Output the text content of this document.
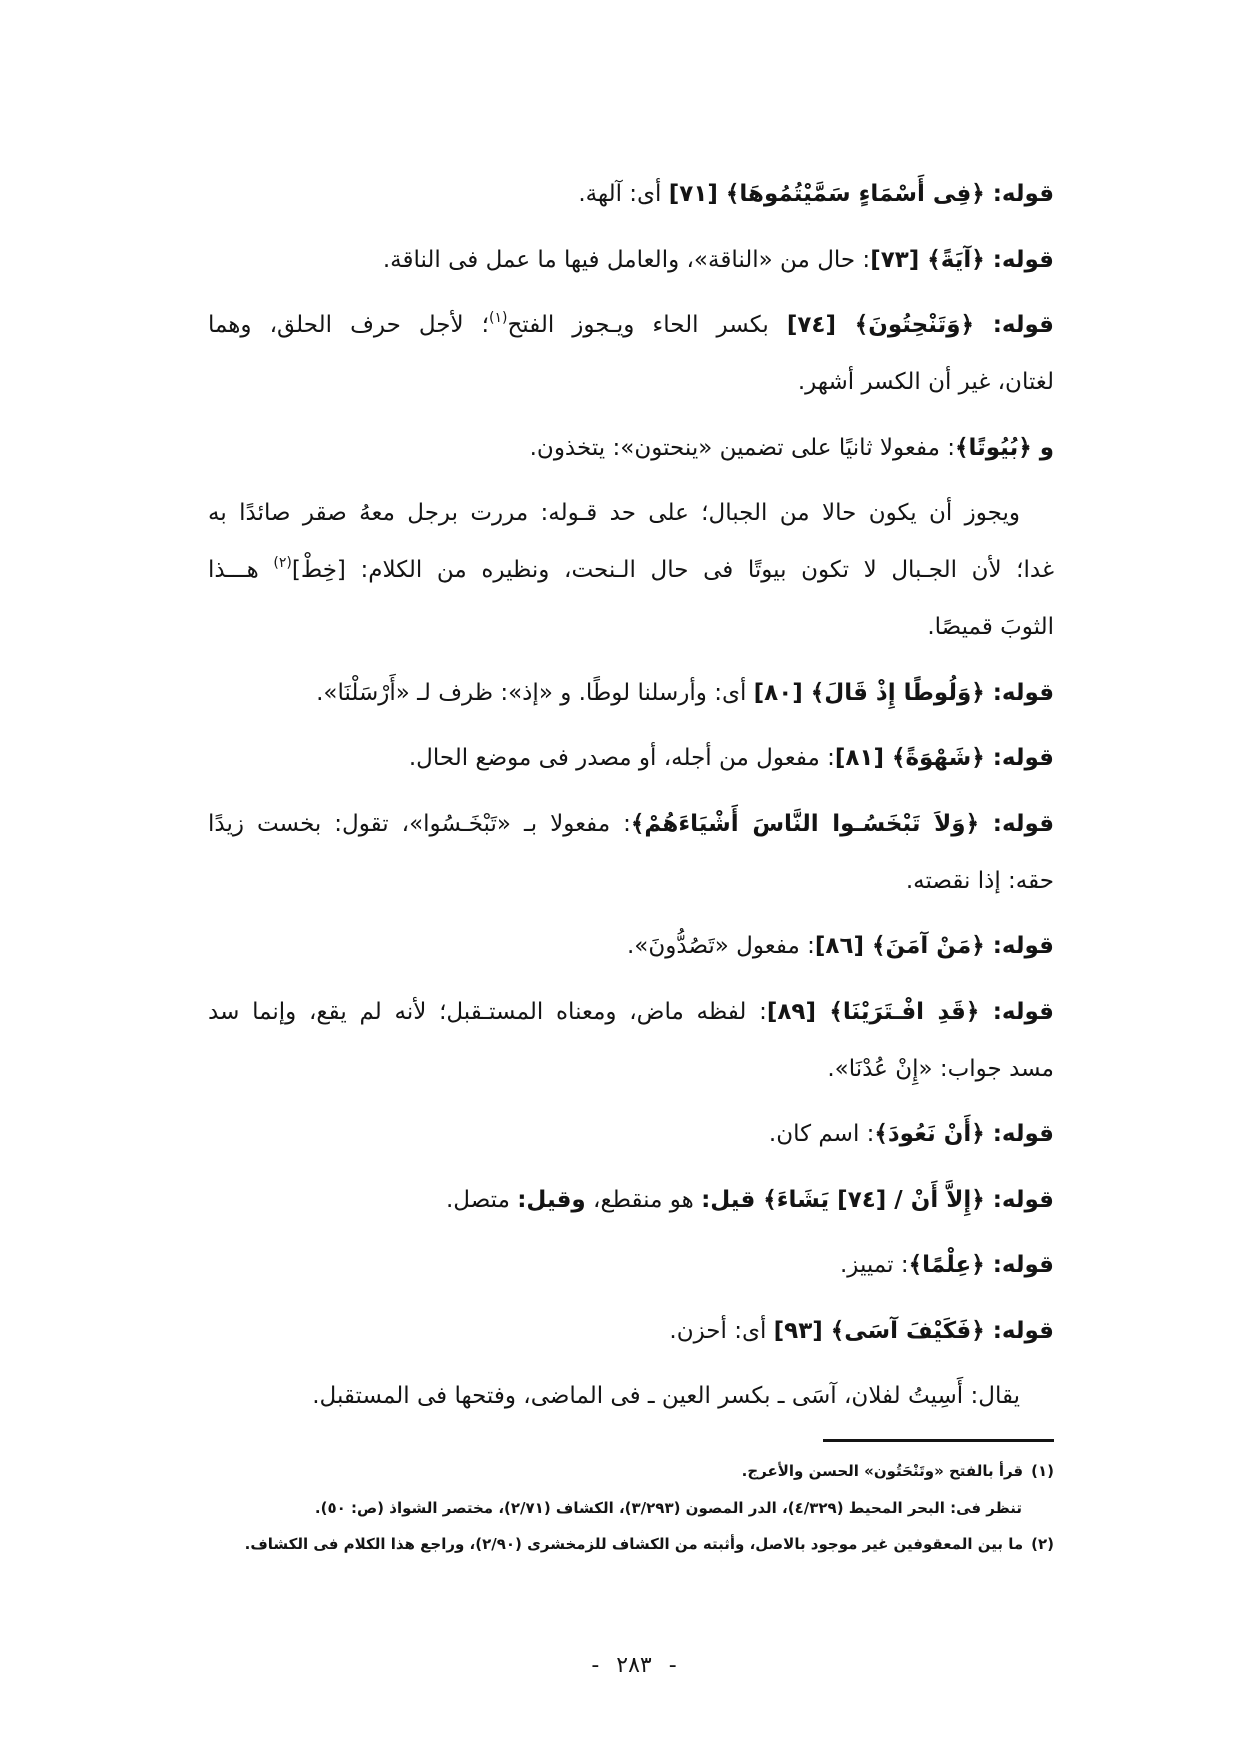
قوله: ﴿فِى أَسْمَاءٍ سَمَّيْتُمُوهَا﴾ [٧١] أى: آلهة.
قوله: ﴿آيَةً﴾ [٧٣]: حال من «الناقة»، والعامل فيها ما عمل فى الناقة.
قوله: ﴿وَتَنْحِتُونَ﴾ [٧٤] بكسر الحاء ويـجوز الفتح$^{(١)}$؛ لأجل حرف الحلق، وهما
لغتان، غير أن الكسر أشهر.
و ﴿بُيُوتًا﴾: مفعولا ثانيًا على تضمين «ينحتون»: يتخذون.
ويجوز أن يكون حالا من الجبال؛ على حد قـوله: مررت برجل معهُ صقر صائدًا به
غدا؛ لأن الجـبال لا تكون بيوتًا فى حال الـنحت، ونظيره من الكلام: [خِطْ]$^{(٢)}$ هـــذا
الثوبَ قميصًا.
قوله: ﴿وَلُوطًا إِذْ قَالَ﴾ [٨٠] أى: وأرسلنا لوطًا. و «إذ»: ظرف لـ «أَرْسَلْنَا».
قوله: ﴿شَهْوَةً﴾ [٨١]: مفعول من أجله، أو مصدر فى موضع الحال.
قوله: ﴿وَلاَ تَبْخَسُـوا النَّاسَ أَشْيَاءَهُمْ﴾: مفعولا بـ «تَبْخَـسُوا»، تقول: بخست زيدًا
حقه: إذا نقصته.
قوله: ﴿مَنْ آمَنَ﴾ [٨٦]: مفعول «تَصُدُّونَ».
قوله: ﴿قَدِ افْـتَرَيْنَا﴾ [٨٩]: لفظه ماض، ومعناه المستـقبل؛ لأنه لم يقع، وإنما سد
مسد جواب: «إِنْ عُدْنَا».
قوله: ﴿أَنْ نَعُودَ﴾: اسم كان.
قوله: ﴿إِلاَّ أَنْ / [٧٤] يَشَاءَ﴾ قيل: هو منقطع، وقيل: متصل.
قوله: ﴿عِلْمًا﴾: تمييز.
قوله: ﴿فَكَيْفَ آسَى﴾ [٩٣] أى: أحزن.
يقال: أَسِيتُ لفلان، آسَى ـ بكسر العين ـ فى الماضى، وفتحها فى المستقبل.
(١)قرأ بالفتح «وتَنْحَتُون» الحسن والأعرج.
تنظر فى: البحر المحيط (٤/٣٢٩)، الدر المصون (٣/٢٩٣)، الكشاف (٢/٧١)، مختصر الشواذ (ص: ٥٠).
(٢)ما بين المعقوفين غير موجود بالاصل، وأثبته من الكشاف للزمخشرى (٢/٩٠)، وراجع هذا الكلام فى الكشاف.
- ٢٨٣ -
